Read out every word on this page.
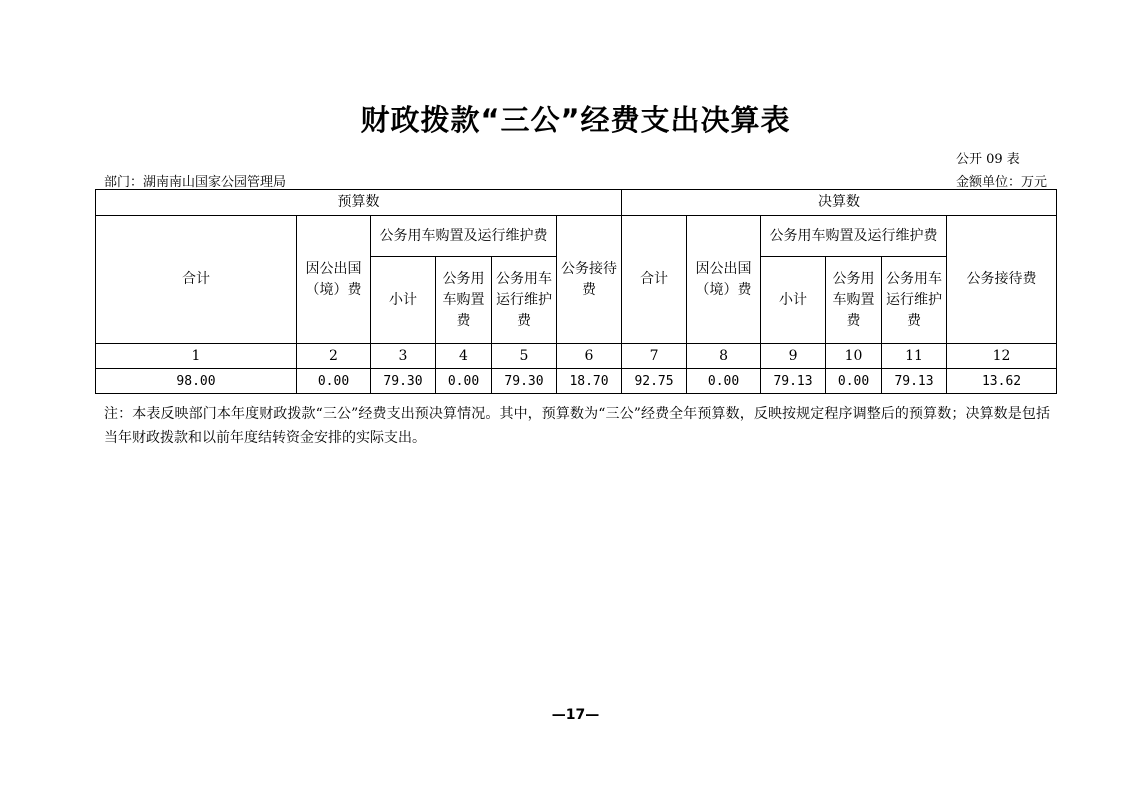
财政拨款“三公”经费支出决算表
公开 09 表
部门：湖南南山国家公园管理局	金额单位：万元
预算数						决算数					
合计	因公出国（境）费	公务用车购置及运行维护费			公务接待费	合计	因公出国（境）费	公务用车购置及运行维护费			公务接待费
		小计	公务用车购置费	公务用车运行维护费				小计	公务用车购置费	公务用车运行维护费	
1	2	3	4	5	6	7	8	9	10	11	12
98.00	0.00	79.30	0.00	79.30	18.70	92.75	0.00	79.13	0.00	79.13	13.62
注：本表反映部门本年度财政拨款“三公”经费支出预决算情况。其中，预算数为“三公”经费全年预算数，反映按规定程序调整后的预算数；决算数是包括当年财政拨款和以前年度结转资金安排的实际支出。
—17—
